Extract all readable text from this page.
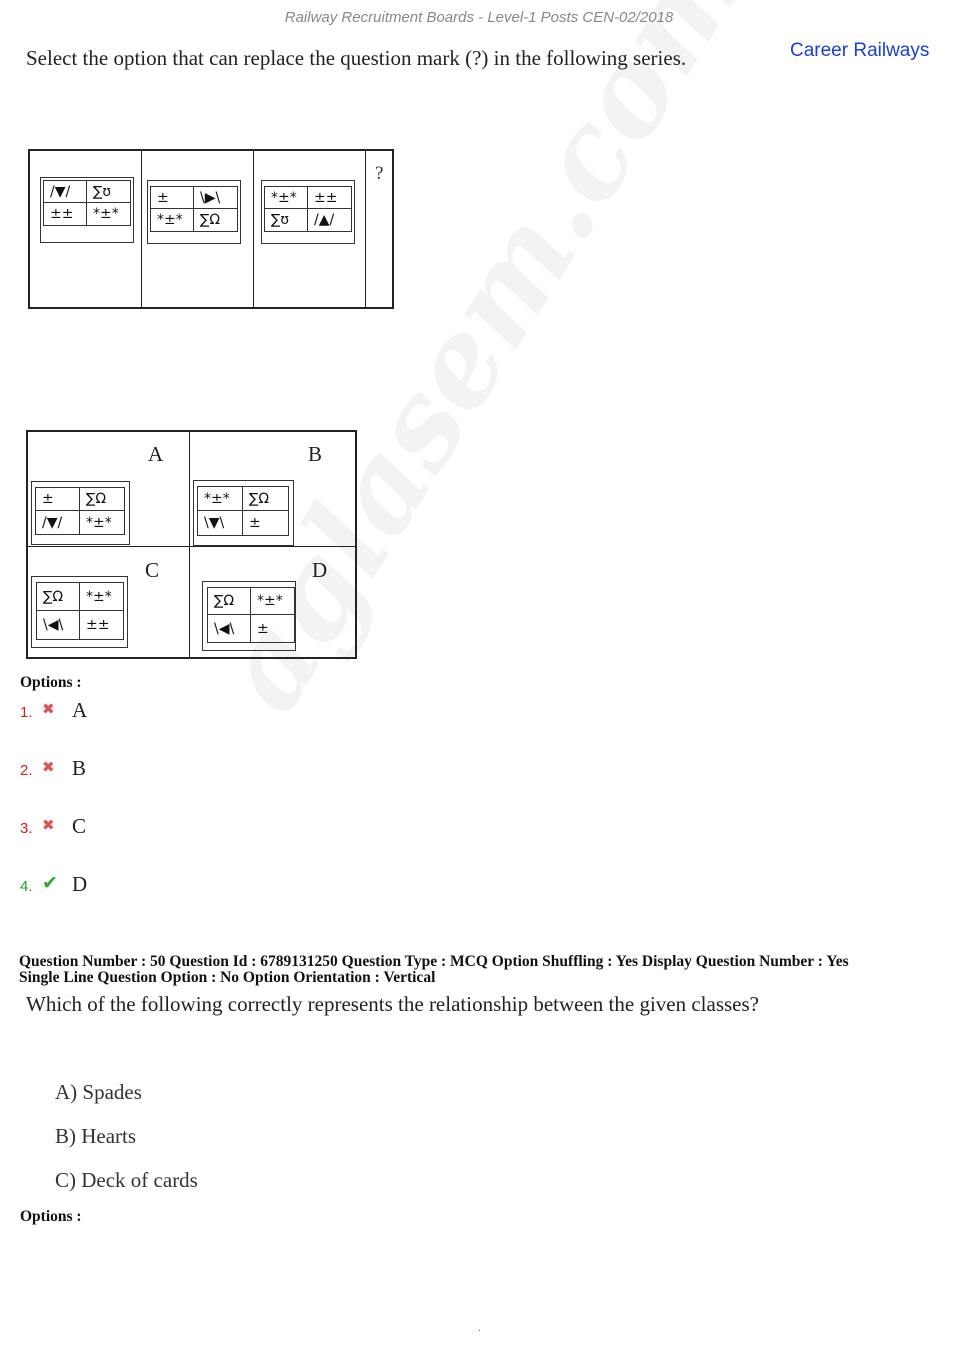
Railway Recruitment Boards - Level-1 Posts CEN-02/2018
Career Railways
Select the option that can replace the question mark (?) in the following series.
/▼/	∑ʊ
±±	*±*
±	\▶\
*±*	∑Ω
*±*	±±
∑ʊ	/▲/
?
A
±	∑Ω
/▼/	*±*
B
*±*	∑Ω
\▼\	±
C
∑Ω	*±*
\◀\	±±
D
∑Ω	*±*
\◀\	±
Options :
1. ✖ A
2. ✖ B
3. ✖ C
4. ✔ D
Question Number : 50 Question Id : 6789131250 Question Type : MCQ Option Shuffling : Yes Display Question Number : Yes
Single Line Question Option : No Option Orientation : Vertical
Which of the following correctly represents the relationship between the given classes?
A) Spades
B) Hearts
C) Deck of cards
Options :
.
